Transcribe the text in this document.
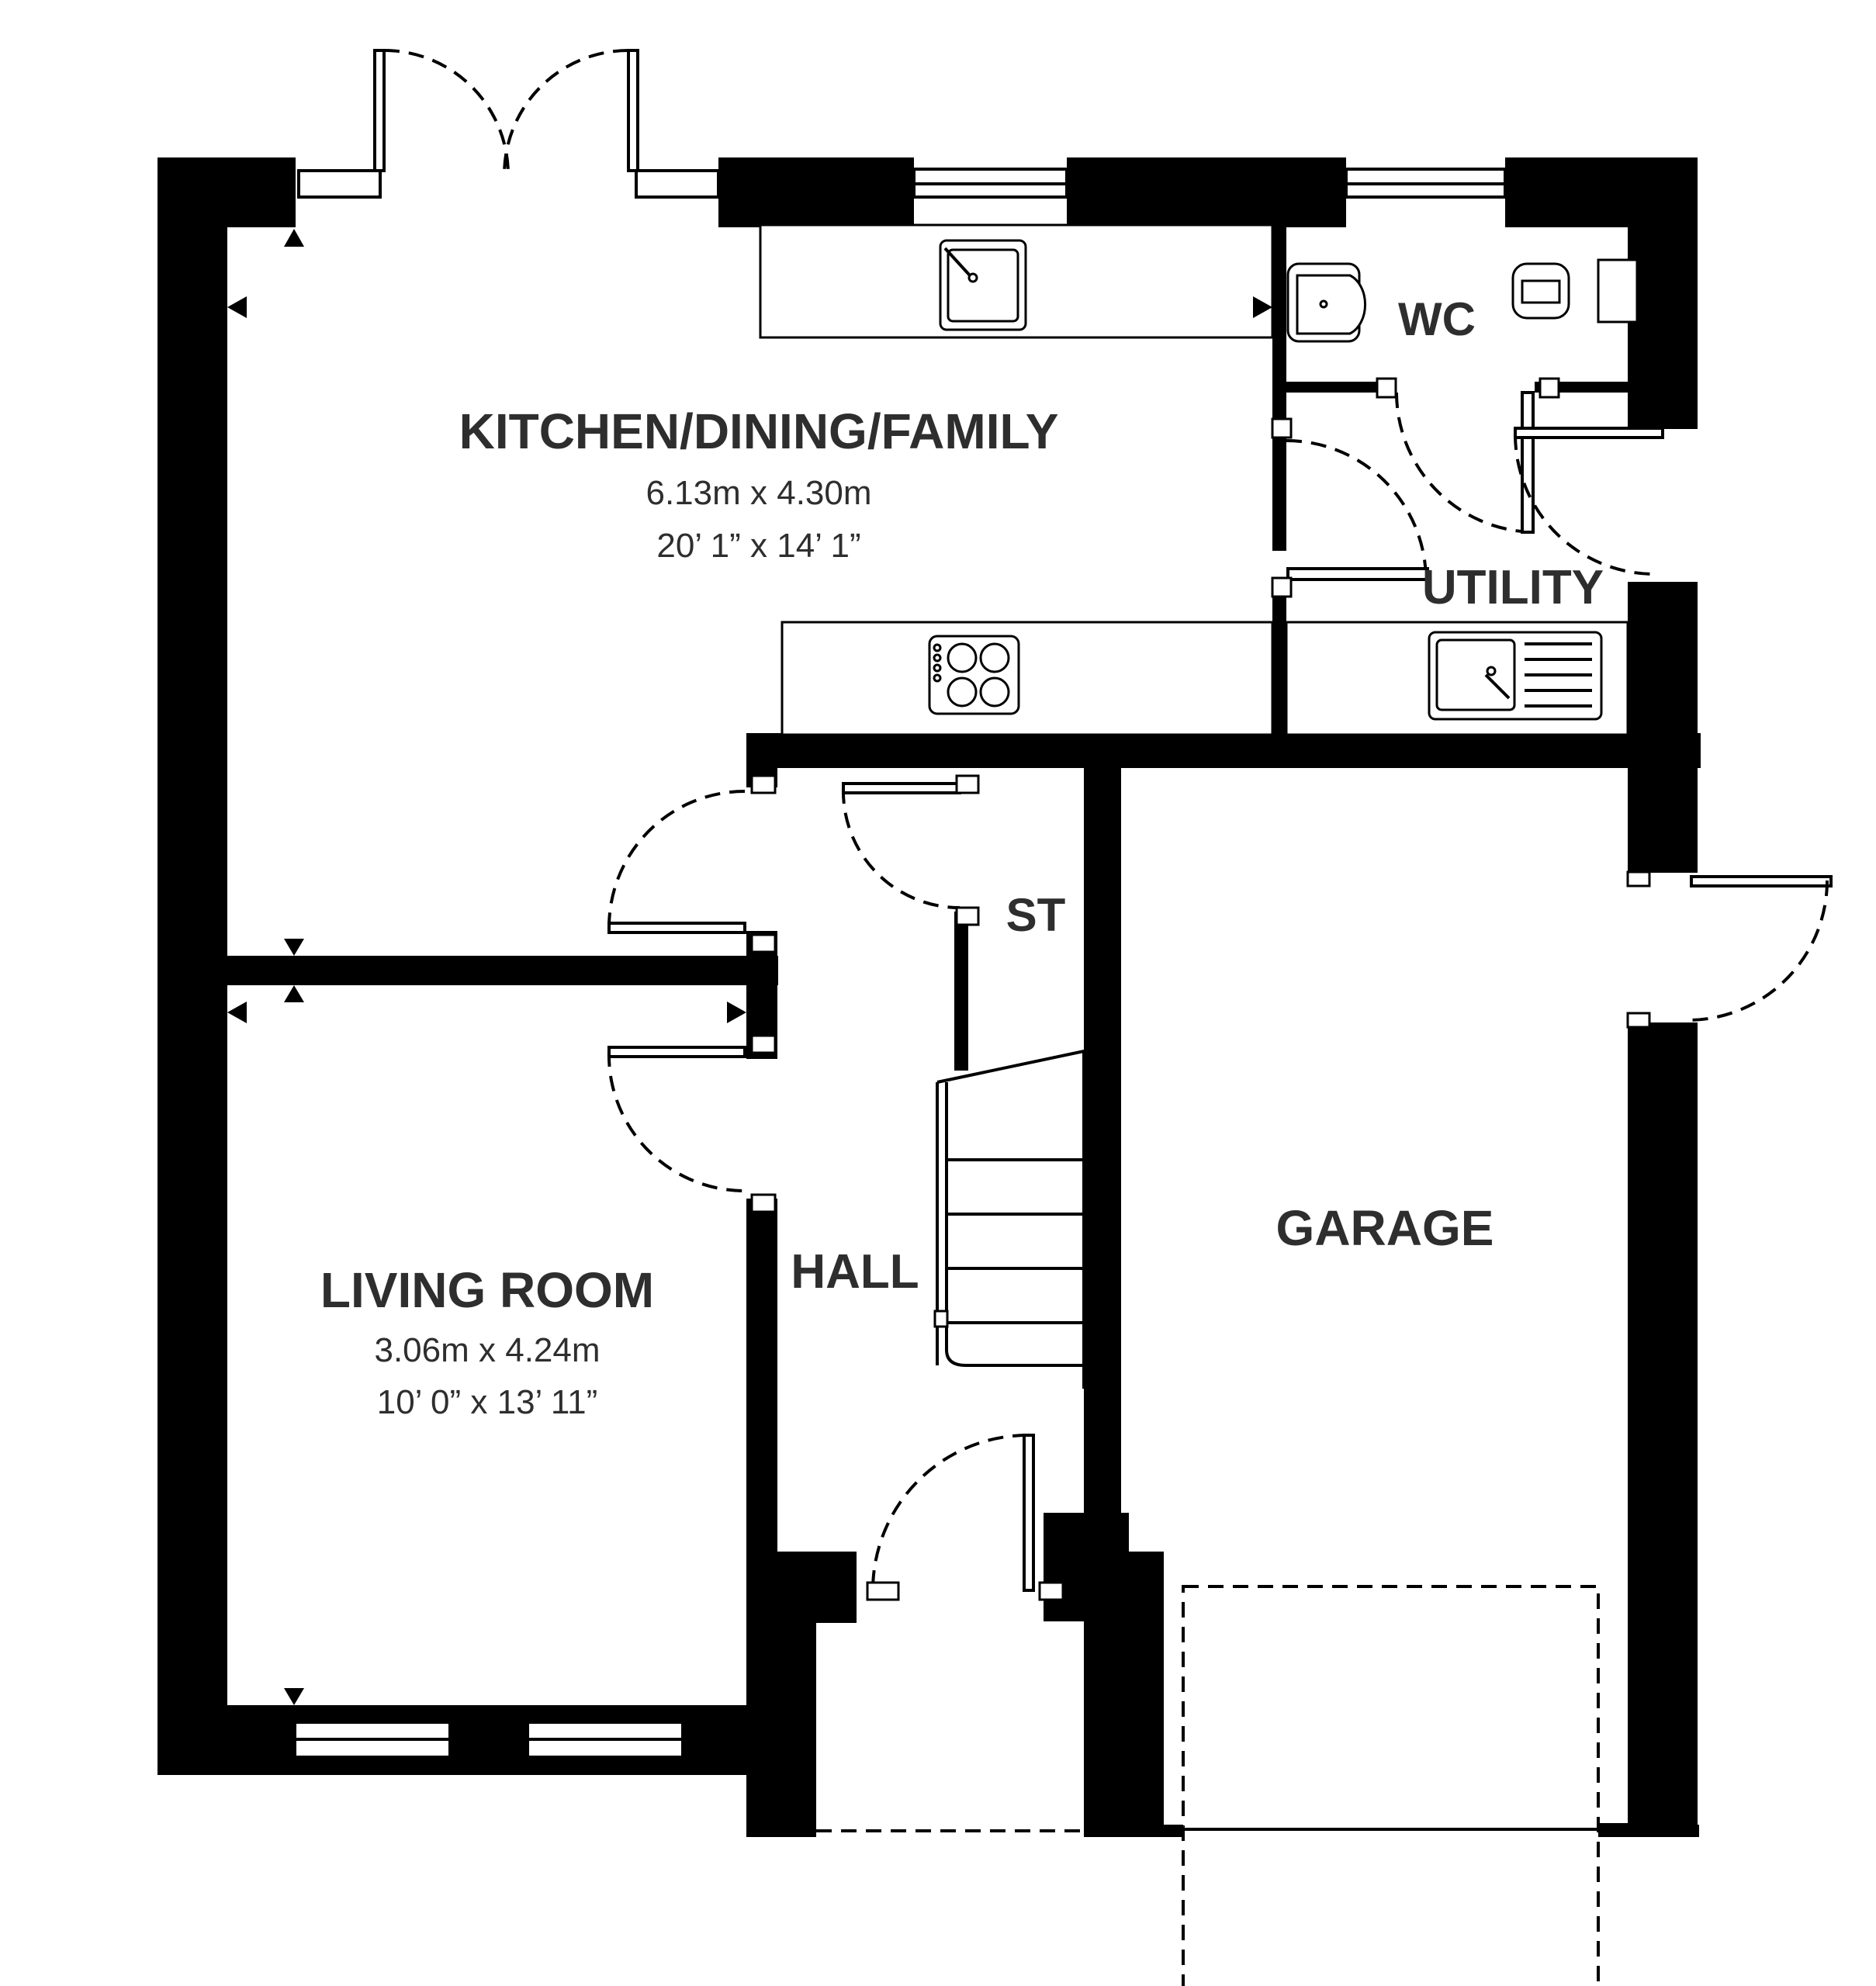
KITCHEN/DINING/FAMILY
6.13m x 4.30m
20’ 1” x 14’ 1”
WC
UTILITY
ST
HALL
LIVING ROOM
3.06m x 4.24m
10’ 0” x 13’ 11”
GARAGE
